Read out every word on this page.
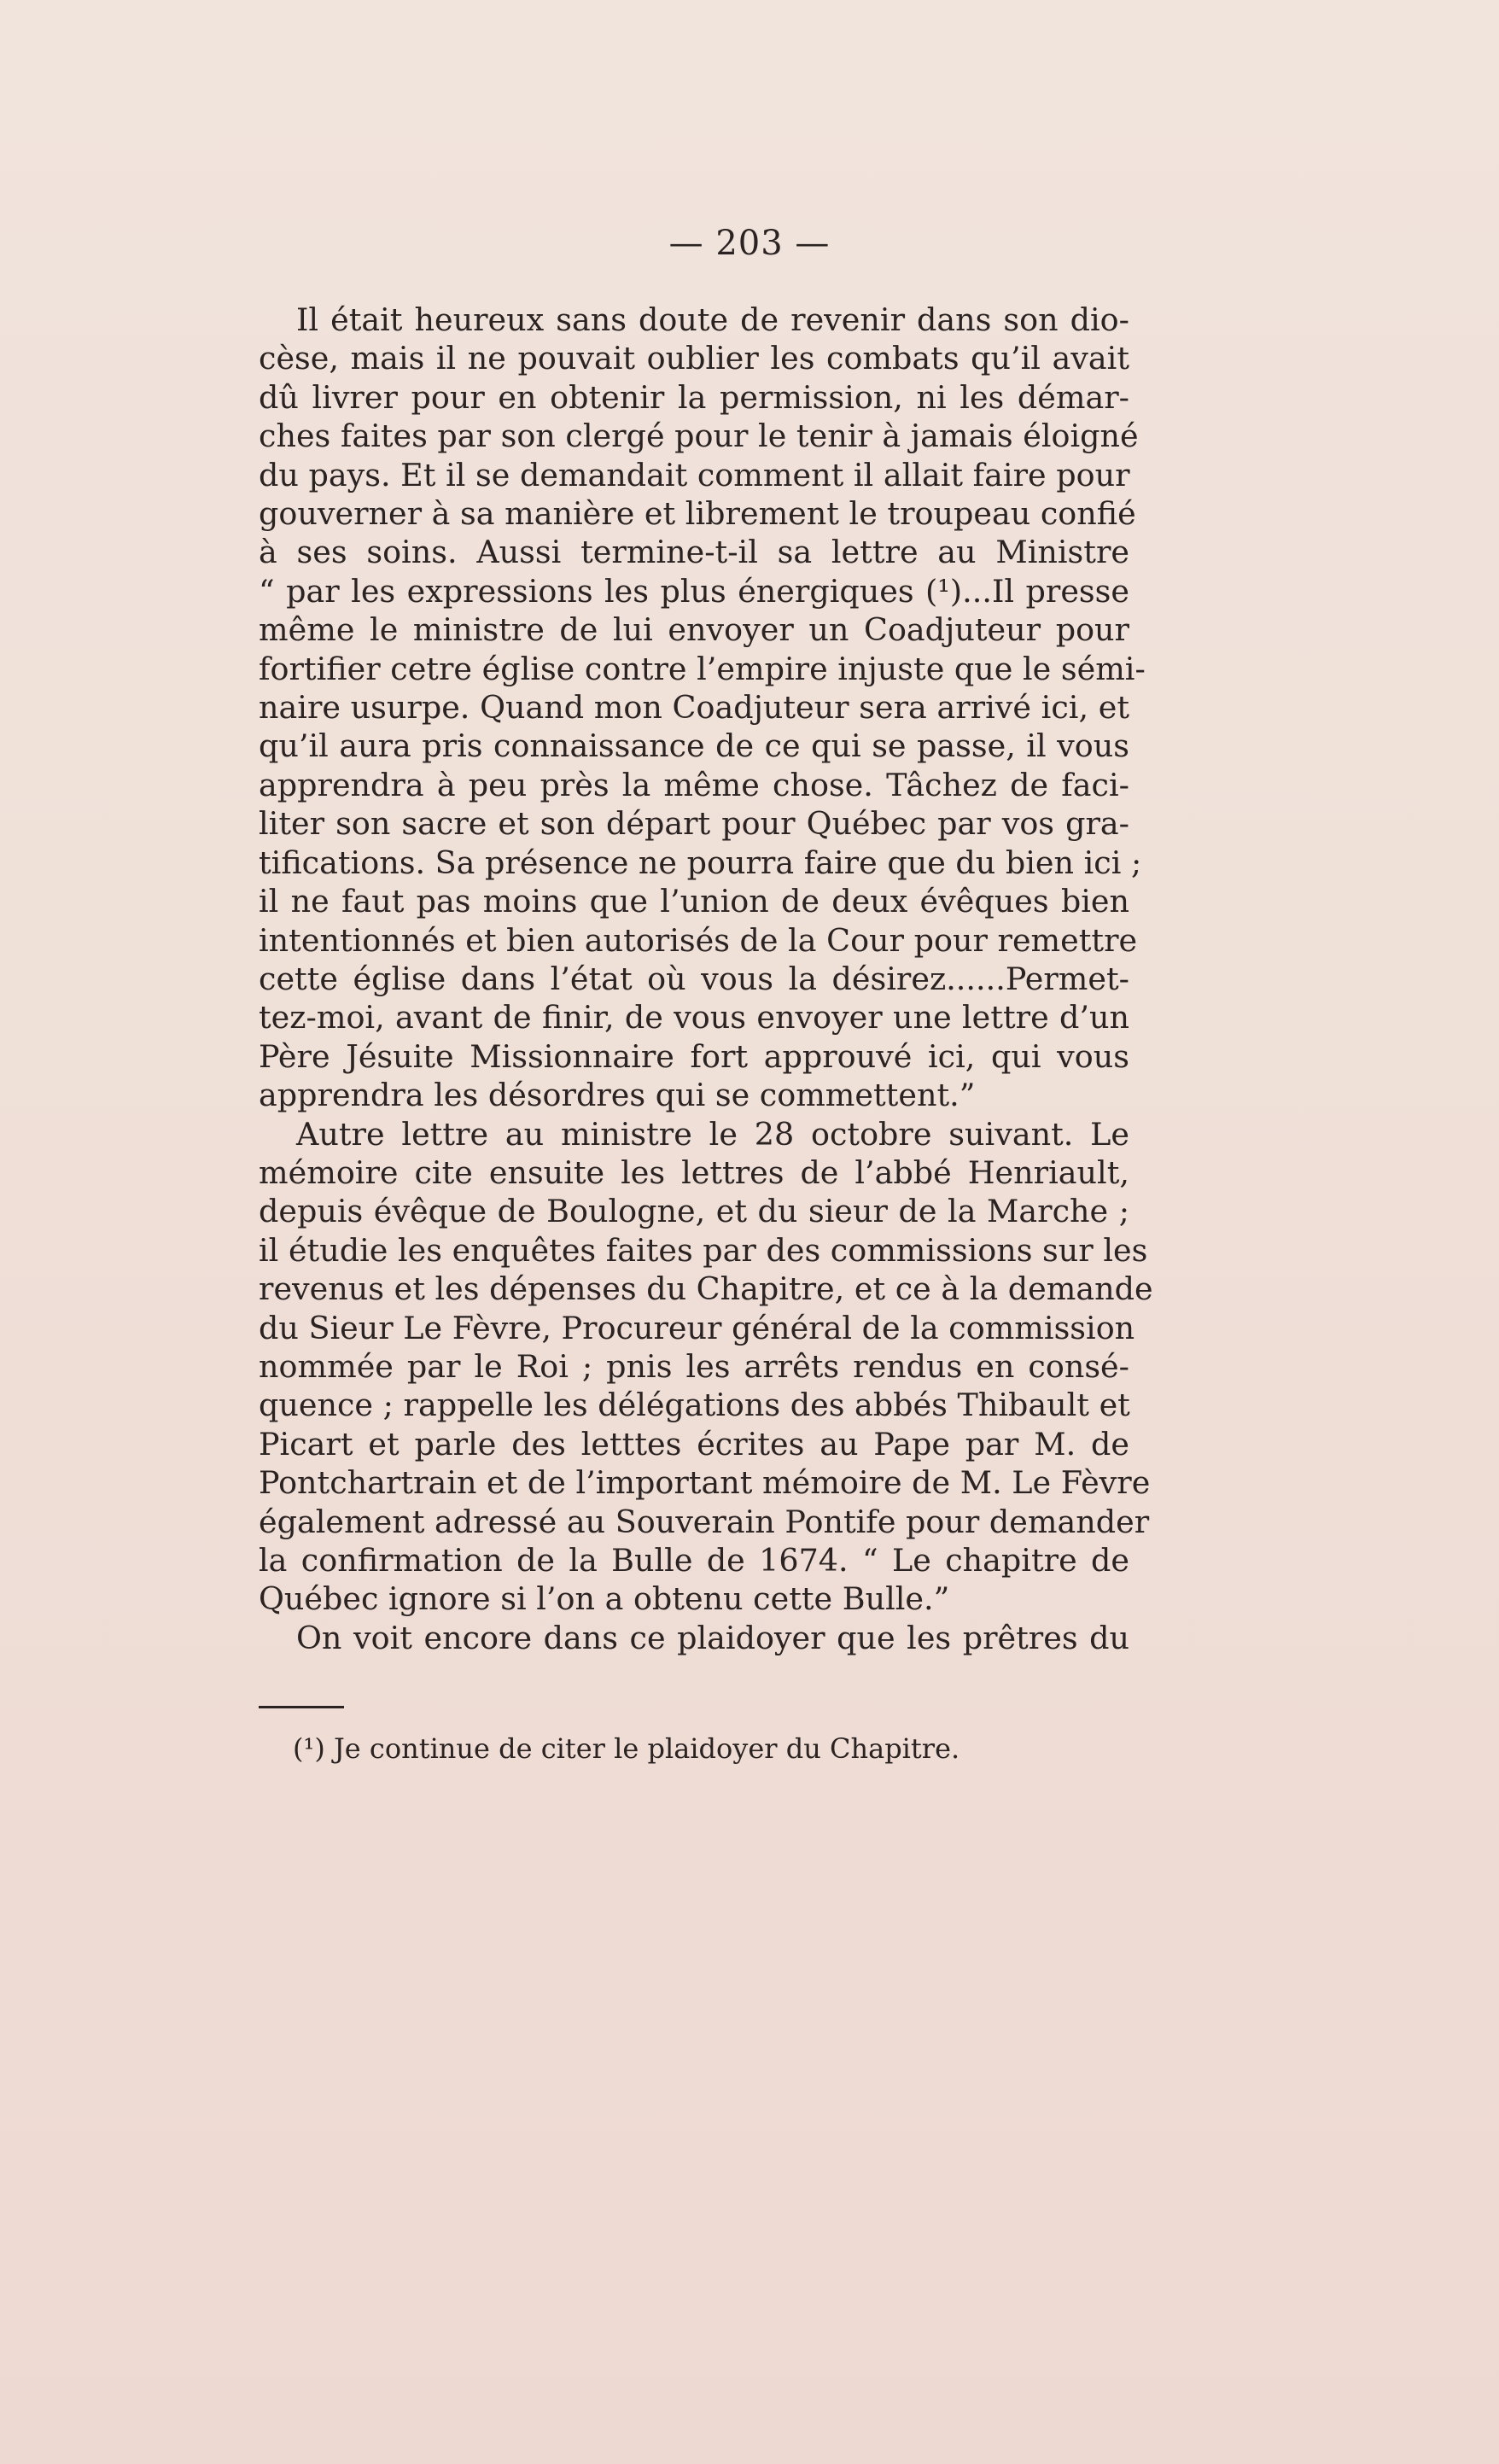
— 203 —
Il était heureux sans doute de revenir dans son dio-
cèse, mais il ne pouvait oublier les combats qu’il avait
dû livrer pour en obtenir la permission, ni les démar-
ches faites par son clergé pour le tenir à jamais éloigné
du pays. Et il se demandait comment il allait faire pour
gouverner à sa manière et librement le troupeau confié
à ses soins. Aussi termine-t-il sa lettre au Ministre
“ par les expressions les plus énergiques (¹)...Il presse
même le ministre de lui envoyer un Coadjuteur pour
fortifier cetre église contre l’empire injuste que le sémi-
naire usurpe. Quand mon Coadjuteur sera arrivé ici, et
qu’il aura pris connaissance de ce qui se passe, il vous
apprendra à peu près la même chose. Tâchez de faci-
liter son sacre et son départ pour Québec par vos gra-
tifications. Sa présence ne pourra faire que du bien ici ;
il ne faut pas moins que l’union de deux évêques bien
intentionnés et bien autorisés de la Cour pour remettre
cette église dans l’état où vous la désirez......Permet-
tez-moi, avant de finir, de vous envoyer une lettre d’un
Père Jésuite Missionnaire fort approuvé ici, qui vous
apprendra les désordres qui se commettent.”
Autre lettre au ministre le 28 octobre suivant. Le
mémoire cite ensuite les lettres de l’abbé Henriault,
depuis évêque de Boulogne, et du sieur de la Marche ;
il étudie les enquêtes faites par des commissions sur les
revenus et les dépenses du Chapitre, et ce à la demande
du Sieur Le Fèvre, Procureur général de la commission
nommée par le Roi ; pnis les arrêts rendus en consé-
quence ; rappelle les délégations des abbés Thibault et
Picart et parle des letttes écrites au Pape par M. de
Pontchartrain et de l’important mémoire de M. Le Fèvre
également adressé au Souverain Pontife pour demander
la confirmation de la Bulle de 1674. “ Le chapitre de
Québec ignore si l’on a obtenu cette Bulle.”
On voit encore dans ce plaidoyer que les prêtres du
(¹) Je continue de citer le plaidoyer du Chapitre.
